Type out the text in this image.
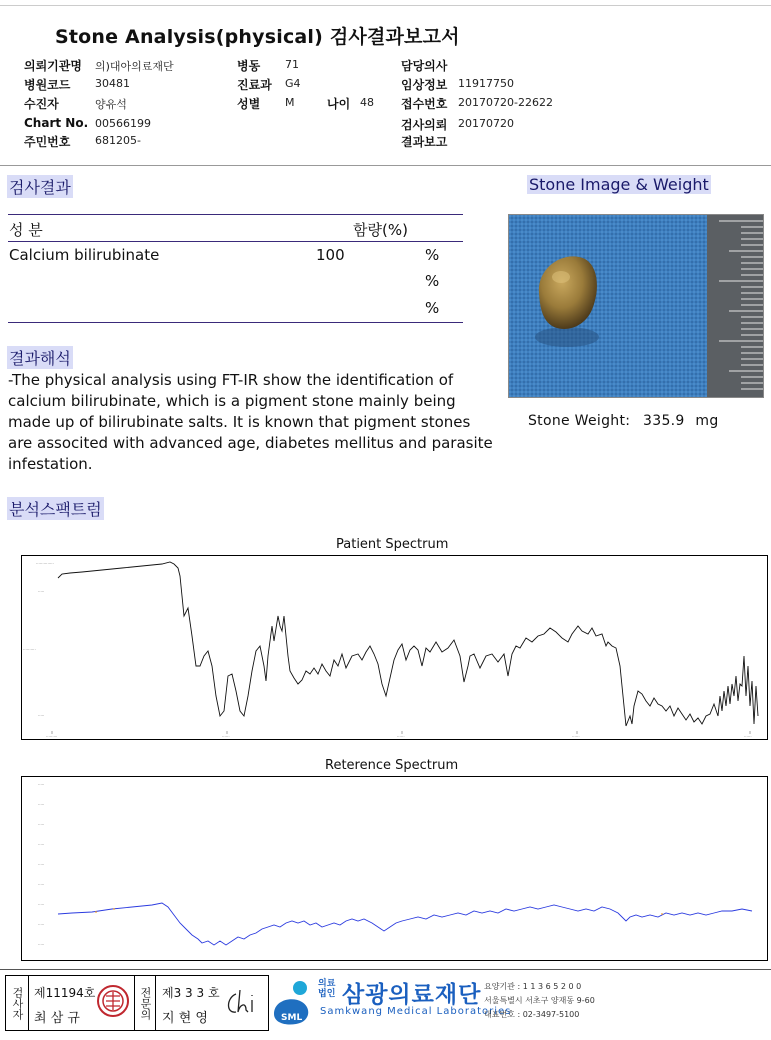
Stone Analysis(physical) 검사결과보고서
의뢰기관명 의)대아의료재단	병동 71	담당의사
병원코드 30481	진료과 G4	임상정보 11917750
수진자	양유석	성별 M	나이 48 접수번호 20170720-22622
Chart No. 00566199	검사의뢰 20170720
주민번호 681205-	결과보고
검사결과
성 분	함량(%)
Calcium bilirubinate	100	%
%
%
결과해석
-The physical analysis using FT-IR show the identification of calcium bilirubinate, which is a pigment stone mainly being made up of bilirubinate salts. It is known that pigment stones are associted with advanced age, diabetes mellitus and parasite infestation.
Stone Image & Weight
Stone Weight: 335.9 mg
분석스팩트럼
Patient Spectrum
..............
.....
..........
.....
.........	......	......	......	......
Reterence Spectrum
.....
.....
.....
.....
.....
.....
.....
.....
.....
검사자 제11194호
최 삼 규	전문의 제3 3 3 호
지 현 영	SML
의료법인 삼광의료재단
Samkwang Medical Laboratories
요양기관 : 1 1 3 6 5 2 0 0
서울특별시 서초구 양재동 9-60
대표번호 : 02-3497-5100
